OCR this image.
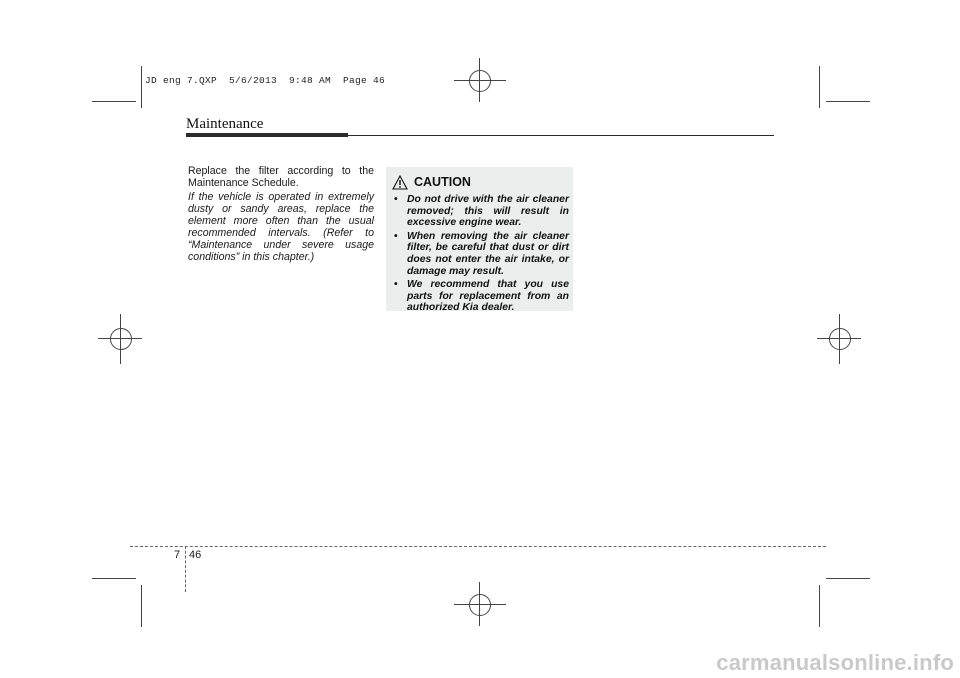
JD eng 7.QXP  5/6/2013  9:48 AM  Page 46
Maintenance

Replace the filter according to the Maintenance Schedule.

If the vehicle is operated in extremely dusty or sandy areas, replace the element more often than the usual recommended intervals. (Refer to “Maintenance under severe usage conditions” in this chapter.)

CAUTION
• Do not drive with the air cleaner removed; this will result in excessive engine wear.
• When removing the air cleaner filter, be careful that dust or dirt does not enter the air intake, or damage may result.
• We recommend that you use parts for replacement from an authorized Kia dealer.
7 46
carmanualsonline.info
